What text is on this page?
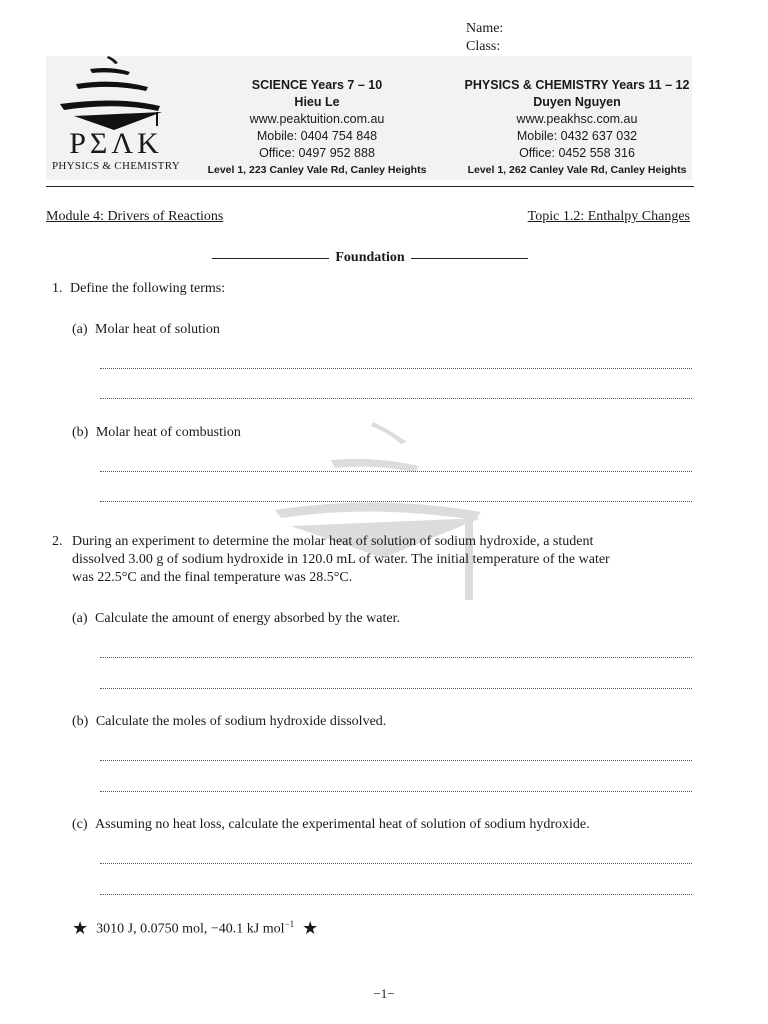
Name:
Class:
PΣΛK
PHYSICS & CHEMISTRY
SCIENCE Years 7 – 10
Hieu Le
www.peaktuition.com.au
Mobile: 0404 754 848
Office: 0497 952 888
Level 1, 223 Canley Vale Rd, Canley Heights
PHYSICS & CHEMISTRY Years 11 – 12
Duyen Nguyen
www.peakhsc.com.au
Mobile: 0432 637 032
Office: 0452 558 316
Level 1, 262 Canley Vale Rd, Canley Heights
Module 4: Drivers of Reactions	Topic 1.2: Enthalpy Changes
Foundation
1. Define the following terms:
(a) Molar heat of solution
(b) Molar heat of combustion
2. During an experiment to determine the molar heat of solution of sodium hydroxide, a student
dissolved 3.00 g of sodium hydroxide in 120.0 mL of water. The initial temperature of the water
was 22.5°C and the final temperature was 28.5°C.
(a) Calculate the amount of energy absorbed by the water.
(b) Calculate the moles of sodium hydroxide dissolved.
(c) Assuming no heat loss, calculate the experimental heat of solution of sodium hydroxide.
★ 3010 J, 0.0750 mol, −40.1 kJ mol$^{-1}$ ★
−1−
